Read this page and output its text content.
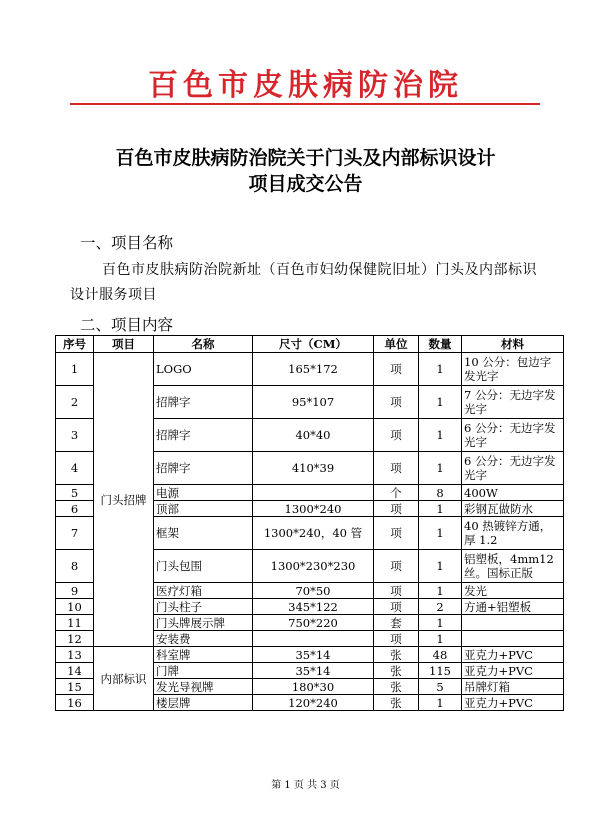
百色市皮肤病防治院
百色市皮肤病防治院关于门头及内部标识设计
项目成交公告
一、项目名称
百色市皮肤病防治院新址（百色市妇幼保健院旧址）门头及内部标识设计服务项目
二、项目内容
序号	项目	名称	尺寸（CM）	单位	数量	材料
1	门头招牌	LOGO	165*172	项	1	10 公分：包边字发光字
2		招牌字	95*107	项	1	7 公分：无边字发光字
3		招牌字	40*40	项	1	6 公分：无边字发光字
4		招牌字	410*39	项	1	6 公分：无边字发光字
5		电源		个	8	400W
6		顶部	1300*240	项	1	彩钢瓦做防水
7		框架	1300*240，40 管	项	1	40 热镀锌方通，厚 1.2
8		门头包围	1300*230*230	项	1	铝塑板，4mm12 丝。国标正版
9		医疗灯箱	70*50	项	1	发光
10		门头柱子	345*122	项	2	方通+铝塑板
11		门头牌展示牌	750*220	套	1	
12		安装费		项	1	
13	内部标识	科室牌	35*14	张	48	亚克力+PVC
14		门牌	35*14	张	115	亚克力+PVC
15		发光导视牌	180*30	张	5	吊牌灯箱
16		楼层牌	120*240	张	1	亚克力+PVC
第 1 页 共 3 页
